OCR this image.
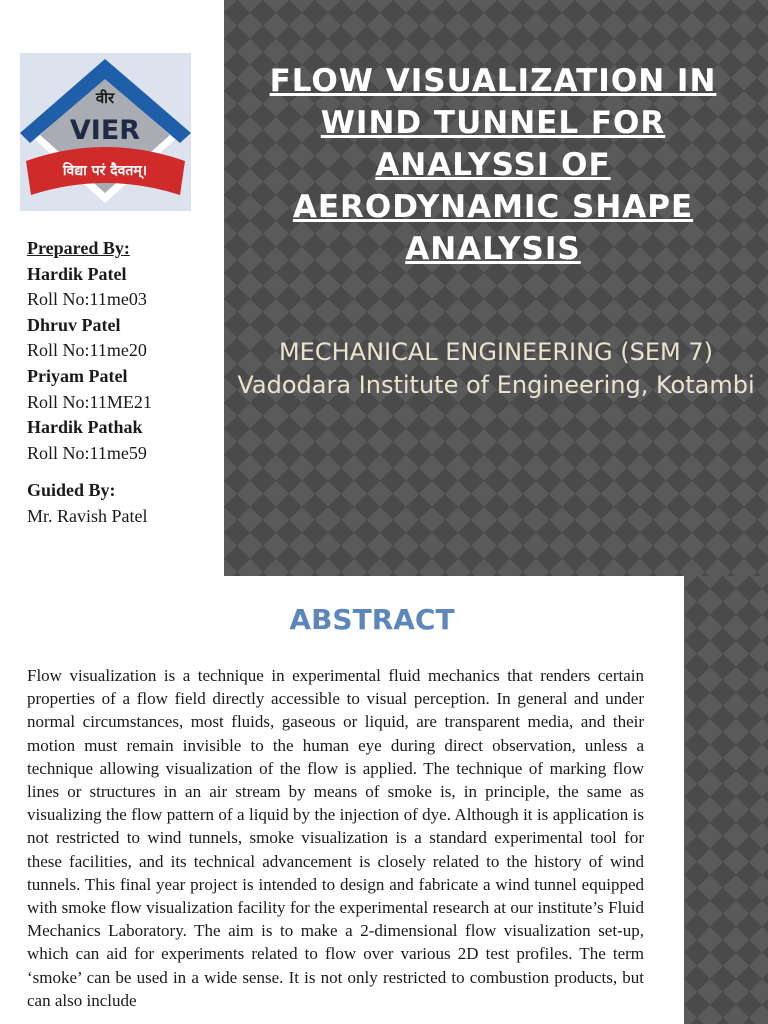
वीर
VIER
विद्या परं दैवतम्।
Prepared By:
Hardik Patel
Roll No:11me03
Dhruv Patel
Roll No:11me20
Priyam Patel
Roll No:11ME21
Hardik Pathak
Roll No:11me59
Guided By:
Mr. Ravish Patel
FLOW VISUALIZATION IN WIND TUNNEL FOR ANALYSSI OF AERODYNAMIC SHAPE ANALYSIS
MECHANICAL ENGINEERING (SEM 7)
Vadodara Institute of Engineering, Kotambi
ABSTRACT

Flow visualization is a technique in experimental fluid mechanics that renders certain properties of a flow field directly accessible to visual perception. In general and under normal circumstances, most fluids, gaseous or liquid, are transparent media, and their motion must remain invisible to the human eye during direct observation, unless a technique allowing visualization of the flow is applied. The technique of marking flow lines or structures in an air stream by means of smoke is, in principle, the same as visualizing the flow pattern of a liquid by the injection of dye. Although it is application is not restricted to wind tunnels, smoke visualization is a standard experimental tool for these facilities, and its technical advancement is closely related to the history of wind tunnels. This final year project is intended to design and fabricate a wind tunnel equipped with smoke flow visualization facility for the experimental research at our institute’s Fluid Mechanics Laboratory. The aim is to make a 2-dimensional flow visualization set-up, which can aid for experiments related to flow over various 2D test profiles. The term ‘smoke’ can be used in a wide sense. It is not only restricted to combustion products, but can also include
